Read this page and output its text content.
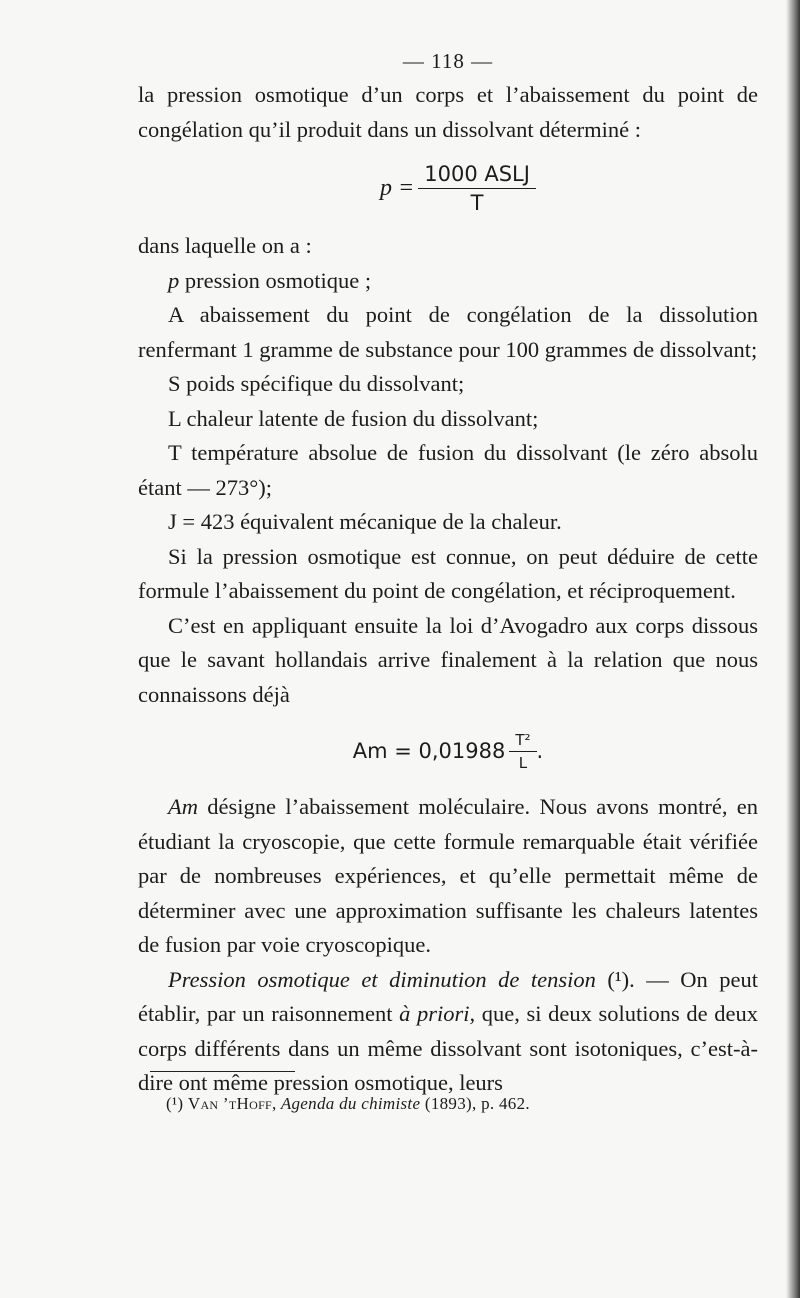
— 118 —

la pression osmotique d’un corps et l’abaissement du point de congélation qu’il produit dans un dissolvant déterminé :

$p = \frac{\text{1000 ASLJ}}{T}$

dans laquelle on a :

p pression osmotique ;

A abaissement du point de congélation de la dissolution renfermant 1 gramme de substance pour 100 grammes de dissolvant;

S poids spécifique du dissolvant;

L chaleur latente de fusion du dissolvant;

T température absolue de fusion du dissolvant (le zéro absolu étant — 273°);

J = 423 équivalent mécanique de la chaleur.

Si la pression osmotique est connue, on peut déduire de cette formule l’abaissement du point de congélation, et réciproquement.

C’est en appliquant ensuite la loi d’Avogadro aux corps dissous que le savant hollandais arrive finalement à la relation que nous connaissons déjà

$Am = 0,01988 \frac{\text{T²}}{L}$ .

Am désigne l’abaissement moléculaire. Nous avons montré, en étudiant la cryoscopie, que cette formule remarquable était vérifiée par de nombreuses expériences, et qu’elle permettait même de déterminer avec une approximation suffisante les chaleurs latentes de fusion par voie cryoscopique.

Pression osmotique et diminution de tension (¹). — On peut établir, par un raisonnement à priori, que, si deux solutions de deux corps différents dans un même dissolvant sont isotoniques, c’est-à-dire ont même pression osmotique, leurs

(¹) Van ’tHoff, Agenda du chimiste (1893), p. 462.
